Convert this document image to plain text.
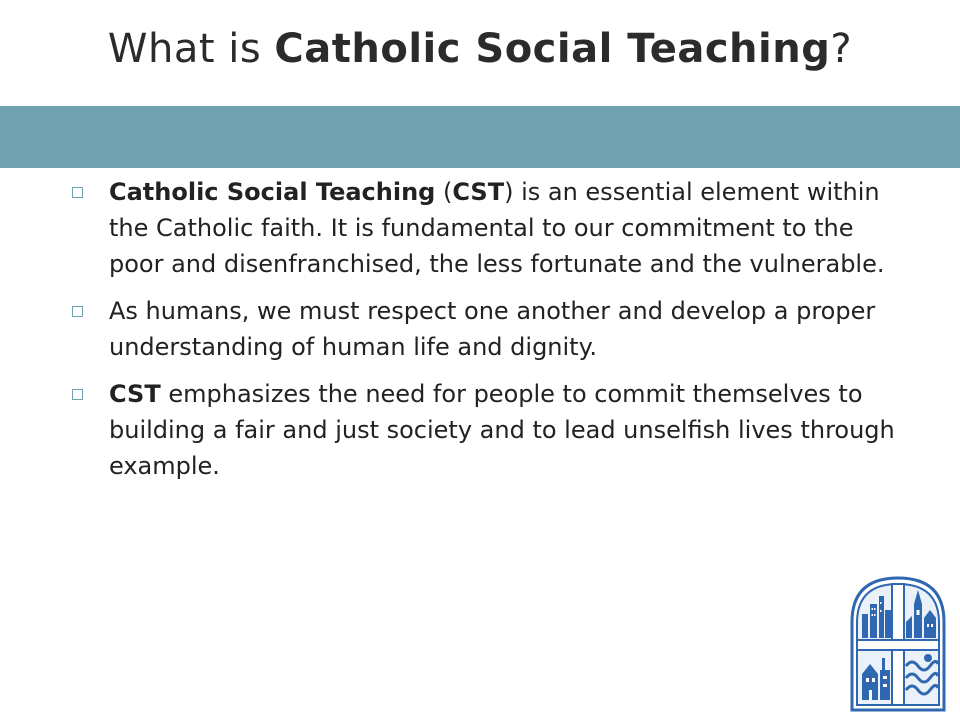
What is Catholic Social Teaching?
Catholic Social Teaching (CST) is an essential element within the Catholic faith. It is fundamental to our commitment to the poor and disenfranchised, the less fortunate and the vulnerable.
As humans, we must respect one another and develop a proper understanding of human life and dignity.
CST emphasizes the need for people to commit themselves to building a fair and just society and to lead unselfish lives through example.
